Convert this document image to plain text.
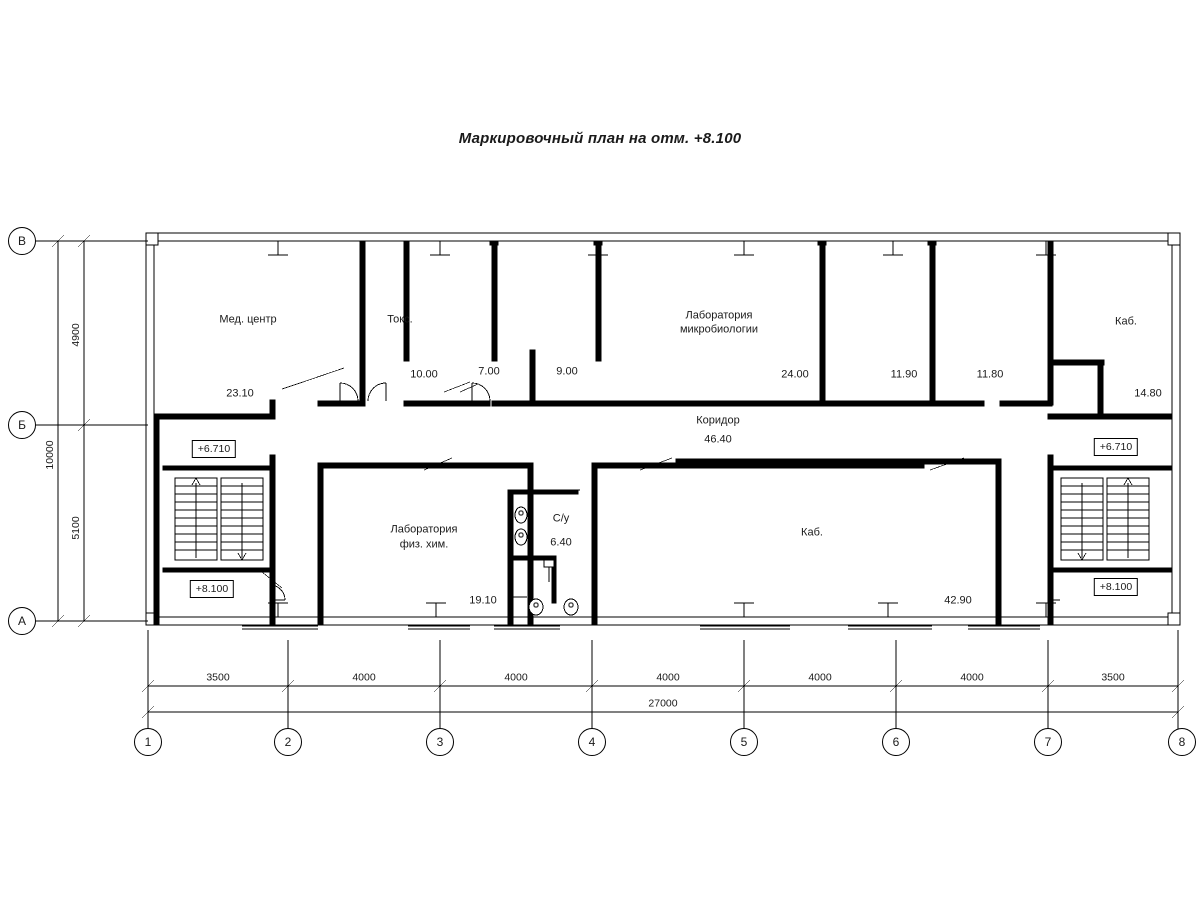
Маркировочный план на отм. +8.100
Мед. центр
23.10
Токс.
10.00	7.00	9.00
Лаборатория
микробиологии
24.00	11.90	11.80
Каб.
14.80
Коридор
46.40
Лаборатория
физ. хим.
19.10
С/у
6.40
Каб.
42.90
+6.710
+8.100
+6.710
+8.100
В
Б
А
4900
5100
10000
3500	4000	4000	4000	4000	4000	3500
27000
1	2	3	4	5	6	7	8
